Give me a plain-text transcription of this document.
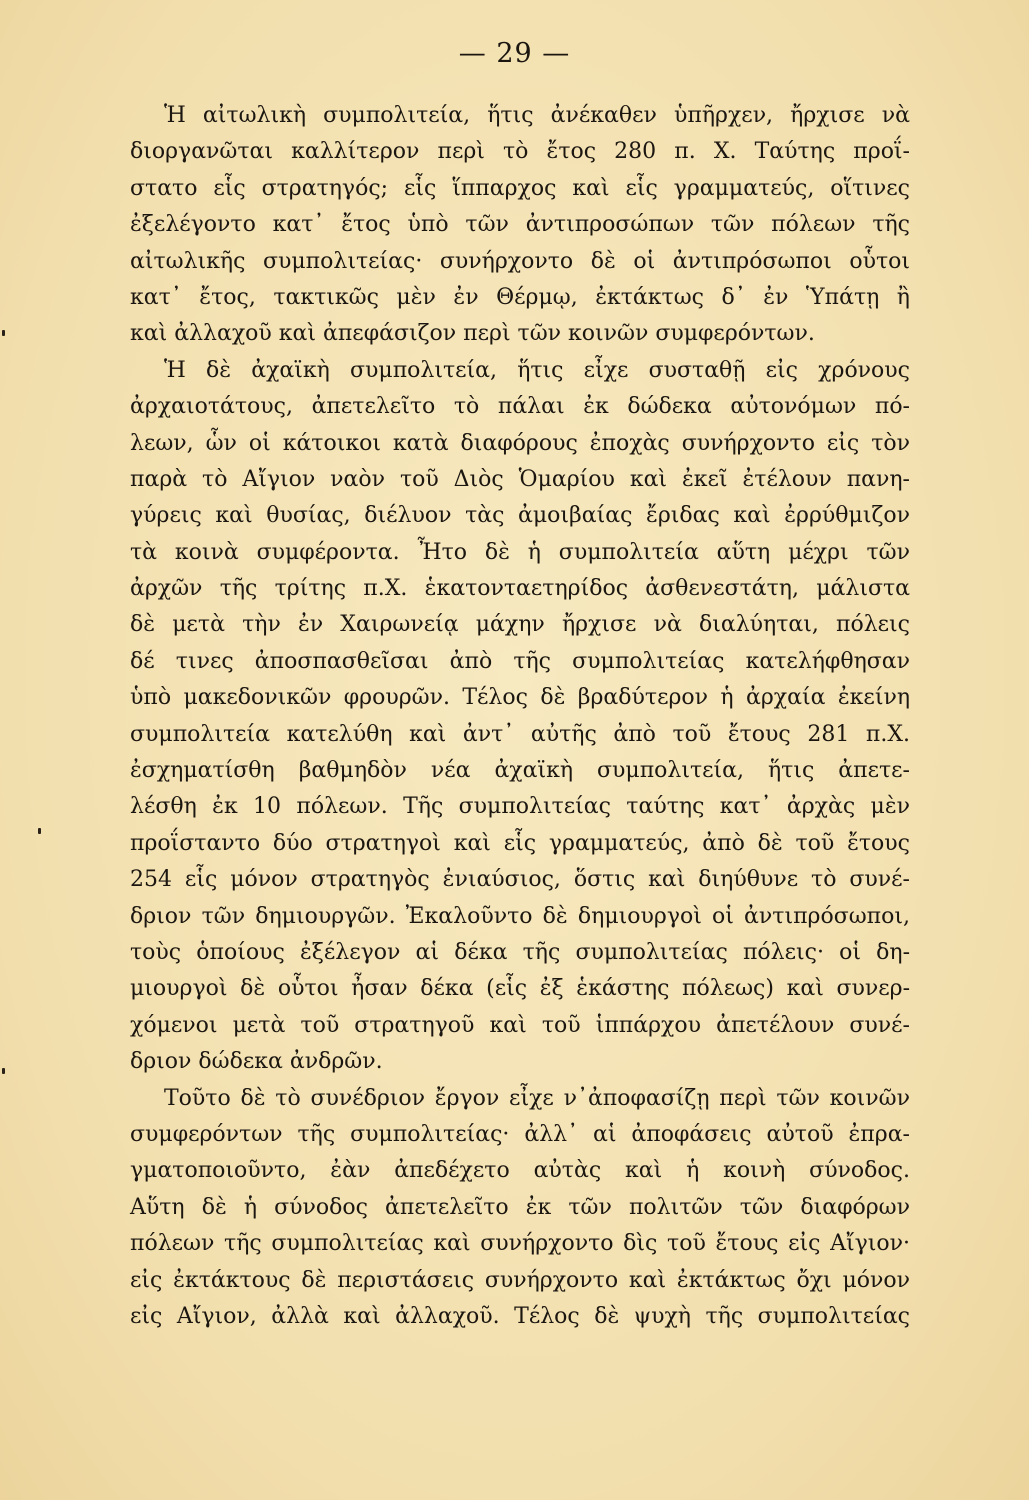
— 29 —
Ἡ αἰτωλικὴ συμπολιτεία, ἥτις ἀνέκαθεν ὑπῆρχεν, ἤρχισε νὰ
διοργανῶται καλλίτερον περὶ τὸ ἔτος 280 π. Χ. Ταύτης προΐ-
στατο εἷς στρατηγός; εἷς ἵππαρχος καὶ εἷς γραμματεύς, οἵτινες
ἐξελέγοντο κατ᾽ ἔτος ὑπὸ τῶν ἀντιπροσώπων τῶν πόλεων τῆς
αἰτωλικῆς συμπολιτείας· συνήρχοντο δὲ οἱ ἀντιπρόσωποι οὗτοι
κατ᾽ ἔτος, τακτικῶς μὲν ἐν Θέρμῳ, ἐκτάκτως δ᾽ ἐν Ὑπάτῃ ἢ
καὶ ἀλλαχοῦ καὶ ἀπεφάσιζον περὶ τῶν κοινῶν συμφερόντων.
Ἡ δὲ ἀχαϊκὴ συμπολιτεία, ἥτις εἶχε συσταθῇ εἰς χρόνους
ἀρχαιοτάτους, ἀπετελεῖτο τὸ πάλαι ἐκ δώδεκα αὐτονόμων πό-
λεων, ὧν οἱ κάτοικοι κατὰ διαφόρους ἐποχὰς συνήρχοντο εἰς τὸν
παρὰ τὸ Αἴγιον ναὸν τοῦ Διὸς Ὁμαρίου καὶ ἐκεῖ ἐτέλουν πανη-
γύρεις καὶ θυσίας, διέλυον τὰς ἀμοιβαίας ἔριδας καὶ ἐρρύθμιζον
τὰ κοινὰ συμφέροντα. Ἦτο δὲ ἡ συμπολιτεία αὕτη μέχρι τῶν
ἀρχῶν τῆς τρίτης π.Χ. ἑκατονταετηρίδος ἀσθενεστάτη, μάλιστα
δὲ μετὰ τὴν ἐν Χαιρωνείᾳ μάχην ἤρχισε νὰ διαλύηται, πόλεις
δέ τινες ἀποσπασθεῖσαι ἀπὸ τῆς συμπολιτείας κατελήφθησαν
ὑπὸ μακεδονικῶν φρουρῶν. Τέλος δὲ βραδύτερον ἡ ἀρχαία ἐκείνη
συμπολιτεία κατελύθη καὶ ἀντ᾽ αὐτῆς ἀπὸ τοῦ ἔτους 281 π.Χ.
ἐσχηματίσθη βαθμηδὸν νέα ἀχαϊκὴ συμπολιτεία, ἥτις ἀπετε-
λέσθη ἐκ 10 πόλεων. Τῆς συμπολιτείας ταύτης κατ᾽ ἀρχὰς μὲν
προΐσταντο δύο στρατηγοὶ καὶ εἷς γραμματεύς, ἀπὸ δὲ τοῦ ἔτους
254 εἷς μόνον στρατηγὸς ἐνιαύσιος, ὅστις καὶ διηύθυνε τὸ συνέ-
δριον τῶν δημιουργῶν. Ἐκαλοῦντο δὲ δημιουργοὶ οἱ ἀντιπρόσωποι,
τοὺς ὁποίους ἐξέλεγον αἱ δέκα τῆς συμπολιτείας πόλεις· οἱ δη-
μιουργοὶ δὲ οὗτοι ἦσαν δέκα (εἷς ἐξ ἑκάστης πόλεως) καὶ συνερ-
χόμενοι μετὰ τοῦ στρατηγοῦ καὶ τοῦ ἱππάρχου ἀπετέλουν συνέ-
δριον δώδεκα ἀνδρῶν.
Τοῦτο δὲ τὸ συνέδριον ἔργον εἶχε ν᾽ἀποφασίζῃ περὶ τῶν κοινῶν
συμφερόντων τῆς συμπολιτείας· ἀλλ᾽ αἱ ἀποφάσεις αὐτοῦ ἐπρα-
γματοποιοῦντο, ἐὰν ἀπεδέχετο αὐτὰς καὶ ἡ κοινὴ σύνοδος.
Αὕτη δὲ ἡ σύνοδος ἀπετελεῖτο ἐκ τῶν πολιτῶν τῶν διαφόρων
πόλεων τῆς συμπολιτείας καὶ συνήρχοντο δὶς τοῦ ἔτους εἰς Αἴγιον·
εἰς ἐκτάκτους δὲ περιστάσεις συνήρχοντο καὶ ἐκτάκτως ὄχι μόνον
εἰς Αἴγιον, ἀλλὰ καὶ ἀλλαχοῦ. Τέλος δὲ ψυχὴ τῆς συμπολιτείας
